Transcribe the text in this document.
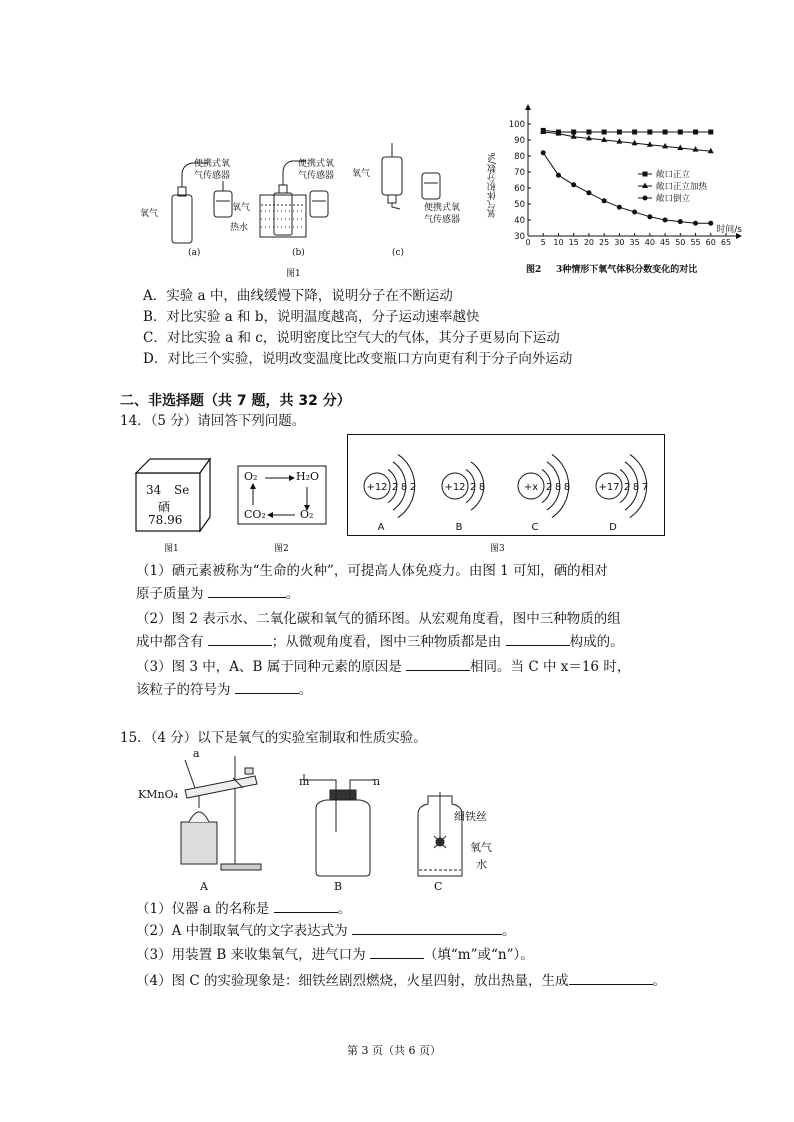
便携式氧
气传感器
氧气
便携式氧
气传感器
氧气
热水
氧气
便携式氧
气传感器
(a)	(b)	(c)
图1
氧气体积分数/%
100
90
80
70
60
50
40
30
0 5 10 15 20 25 30 35 40 45 50 55 60 65
时间/s
敞口正立
敞口正立加热
敞口倒立
图2 3种情形下氧气体积分数变化的对比
A．实验 a 中，曲线缓慢下降，说明分子在不断运动
B．对比实验 a 和 b，说明温度越高，分子运动速率越快
C．对比实验 a 和 c，说明密度比空气大的气体，其分子更易向下运动
D．对比三个实验，说明改变温度比改变瓶口方向更有利于分子向外运动
二、非选择题（共 7 题，共 32 分）
14．（5 分）请回答下列问题。
34 Se
硒
78.96
图1
O₂	H₂O
CO₂	O₂
图2
+12 2 8 2
A
+12 2 8
B
+x 2 8 8
C
+17 2 8 7
D
图3
（1）硒元素被称为“生命的火种”，可提高人体免疫力。由图 1 可知，硒的相对
原子质量为	。
（2）图 2 表示水、二氧化碳和氧气的循环图。从宏观角度看，图中三种物质的组
成中都含有	；从微观角度看，图中三种物质都是由	构成的。
（3）图 3 中，A、B 属于同种元素的原因是	相同。当 C 中 x＝16 时，
该粒子的符号为	。
15．（4 分）以下是氧气的实验室制取和性质实验。
a
KMnO₄
A
m	n
B
细铁丝
氧气
水
C
（1）仪器 a 的名称是	。
（2）A 中制取氧气的文字表达式为	。
（3）用装置 B 来收集氧气，进气口为	（填“m”或“n”）。
（4）图 C 的实验现象是：细铁丝剧烈燃烧，火星四射，放出热量，生成	。
第 3 页（共 6 页）
